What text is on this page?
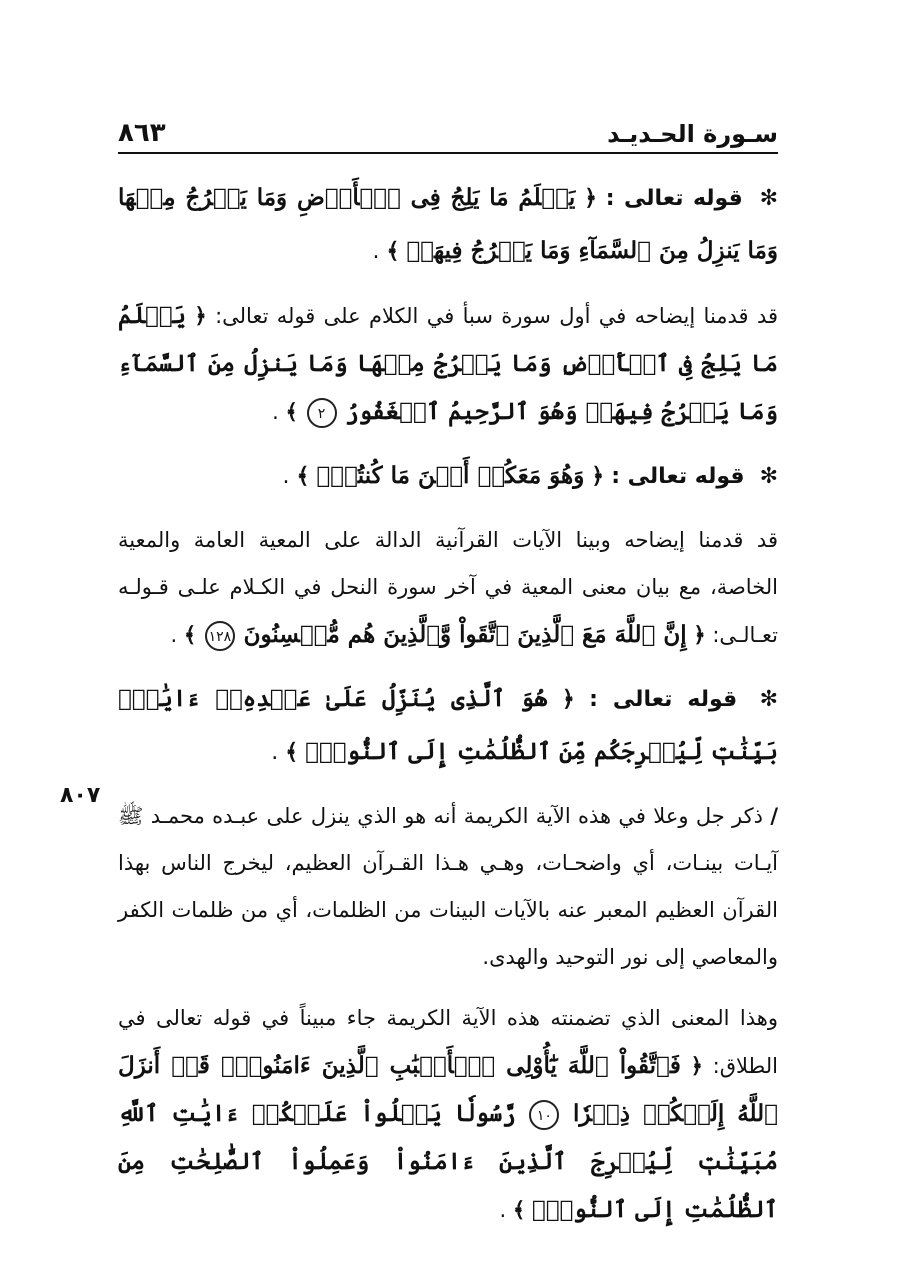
سـورة الحـديـد
٨٦٣

✻ قوله تعالى : ﴿ يَعۡلَمُ مَا يَلِجُ فِى ٱلۡأَرۡضِ وَمَا يَخۡرُجُ مِنۡهَا وَمَا يَنزِلُ مِنَ ٱلسَّمَآءِ وَمَا يَعۡرُجُ فِيهَاۚ ﴾ .

قد قدمنا إيضاحه في أول سورة سبأ في الكلام على قوله تعالى: ﴿ يَعۡلَمُ مَا يَلِجُ فِى ٱلۡأَرۡضِ وَمَا يَخۡرُجُ مِنۡهَا وَمَا يَنزِلُ مِنَ ٱلسَّمَآءِ وَمَا يَعۡرُجُ فِيهَاۚ وَهُوَ ٱلرَّحِيمُ ٱلۡغَفُورُ ٢ ﴾ .

✻ قوله تعالى : ﴿ وَهُوَ مَعَكُمۡ أَيۡنَ مَا كُنتُمۡۚ ﴾ .

قد قدمنا إيضاحه وبينا الآيات القرآنية الدالة على المعية العامة والمعية الخاصة، مع بيان معنى المعية في آخر سورة النحل في الكـلام علـى قـولـه تعـالـى: ﴿ إِنَّ ٱللَّهَ مَعَ ٱلَّذِينَ ٱتَّقَواْ وَّٱلَّذِينَ هُم مُّحۡسِنُونَ ١٢٨ ﴾ .

✻ قوله تعالى : ﴿ هُوَ ٱلَّذِى يُنَزِّلُ عَلَىٰ عَبۡدِهِۦٓ ءَايَٰتِۭ بَيِّنَٰتٖ لِّيُخۡرِجَكُم مِّنَ ٱلظُّلُمَٰتِ إِلَى ٱلنُّورِۚ ﴾ .

/ ذكر جل وعلا في هذه الآية الكريمة أنه هو الذي ينزل على عبـده محمـد ﷺ آيـات بينـات، أي واضحـات، وهـي هـذا القـرآن العظيم، ليخرج الناس بهذا القرآن العظيم المعبر عنه بالآيات البينات من الظلمات، أي من ظلمات الكفر والمعاصي إلى نور التوحيد والهدى.

وهذا المعنى الذي تضمنته هذه الآية الكريمة جاء مبيناً في قوله تعالى في الطلاق: ﴿ فَٱتَّقُواْ ٱللَّهَ يَٰٓأُوْلِى ٱلۡأَلۡبَٰبِ ٱلَّذِينَ ءَامَنُواْۚ قَدۡ أَنزَلَ ٱللَّهُ إِلَيۡكُمۡ ذِكۡرٗا ١٠ رَّسُولٗا يَتۡلُواْ عَلَيۡكُمۡ ءَايَٰتِ ٱللَّهِ مُبَيِّنَٰتٖ لِّيُخۡرِجَ ٱلَّذِينَ ءَامَنُواْ وَعَمِلُواْ ٱلصَّٰلِحَٰتِ مِنَ ٱلظُّلُمَٰتِ إِلَى ٱلنُّورِۚ ﴾ .

٨٠٧
